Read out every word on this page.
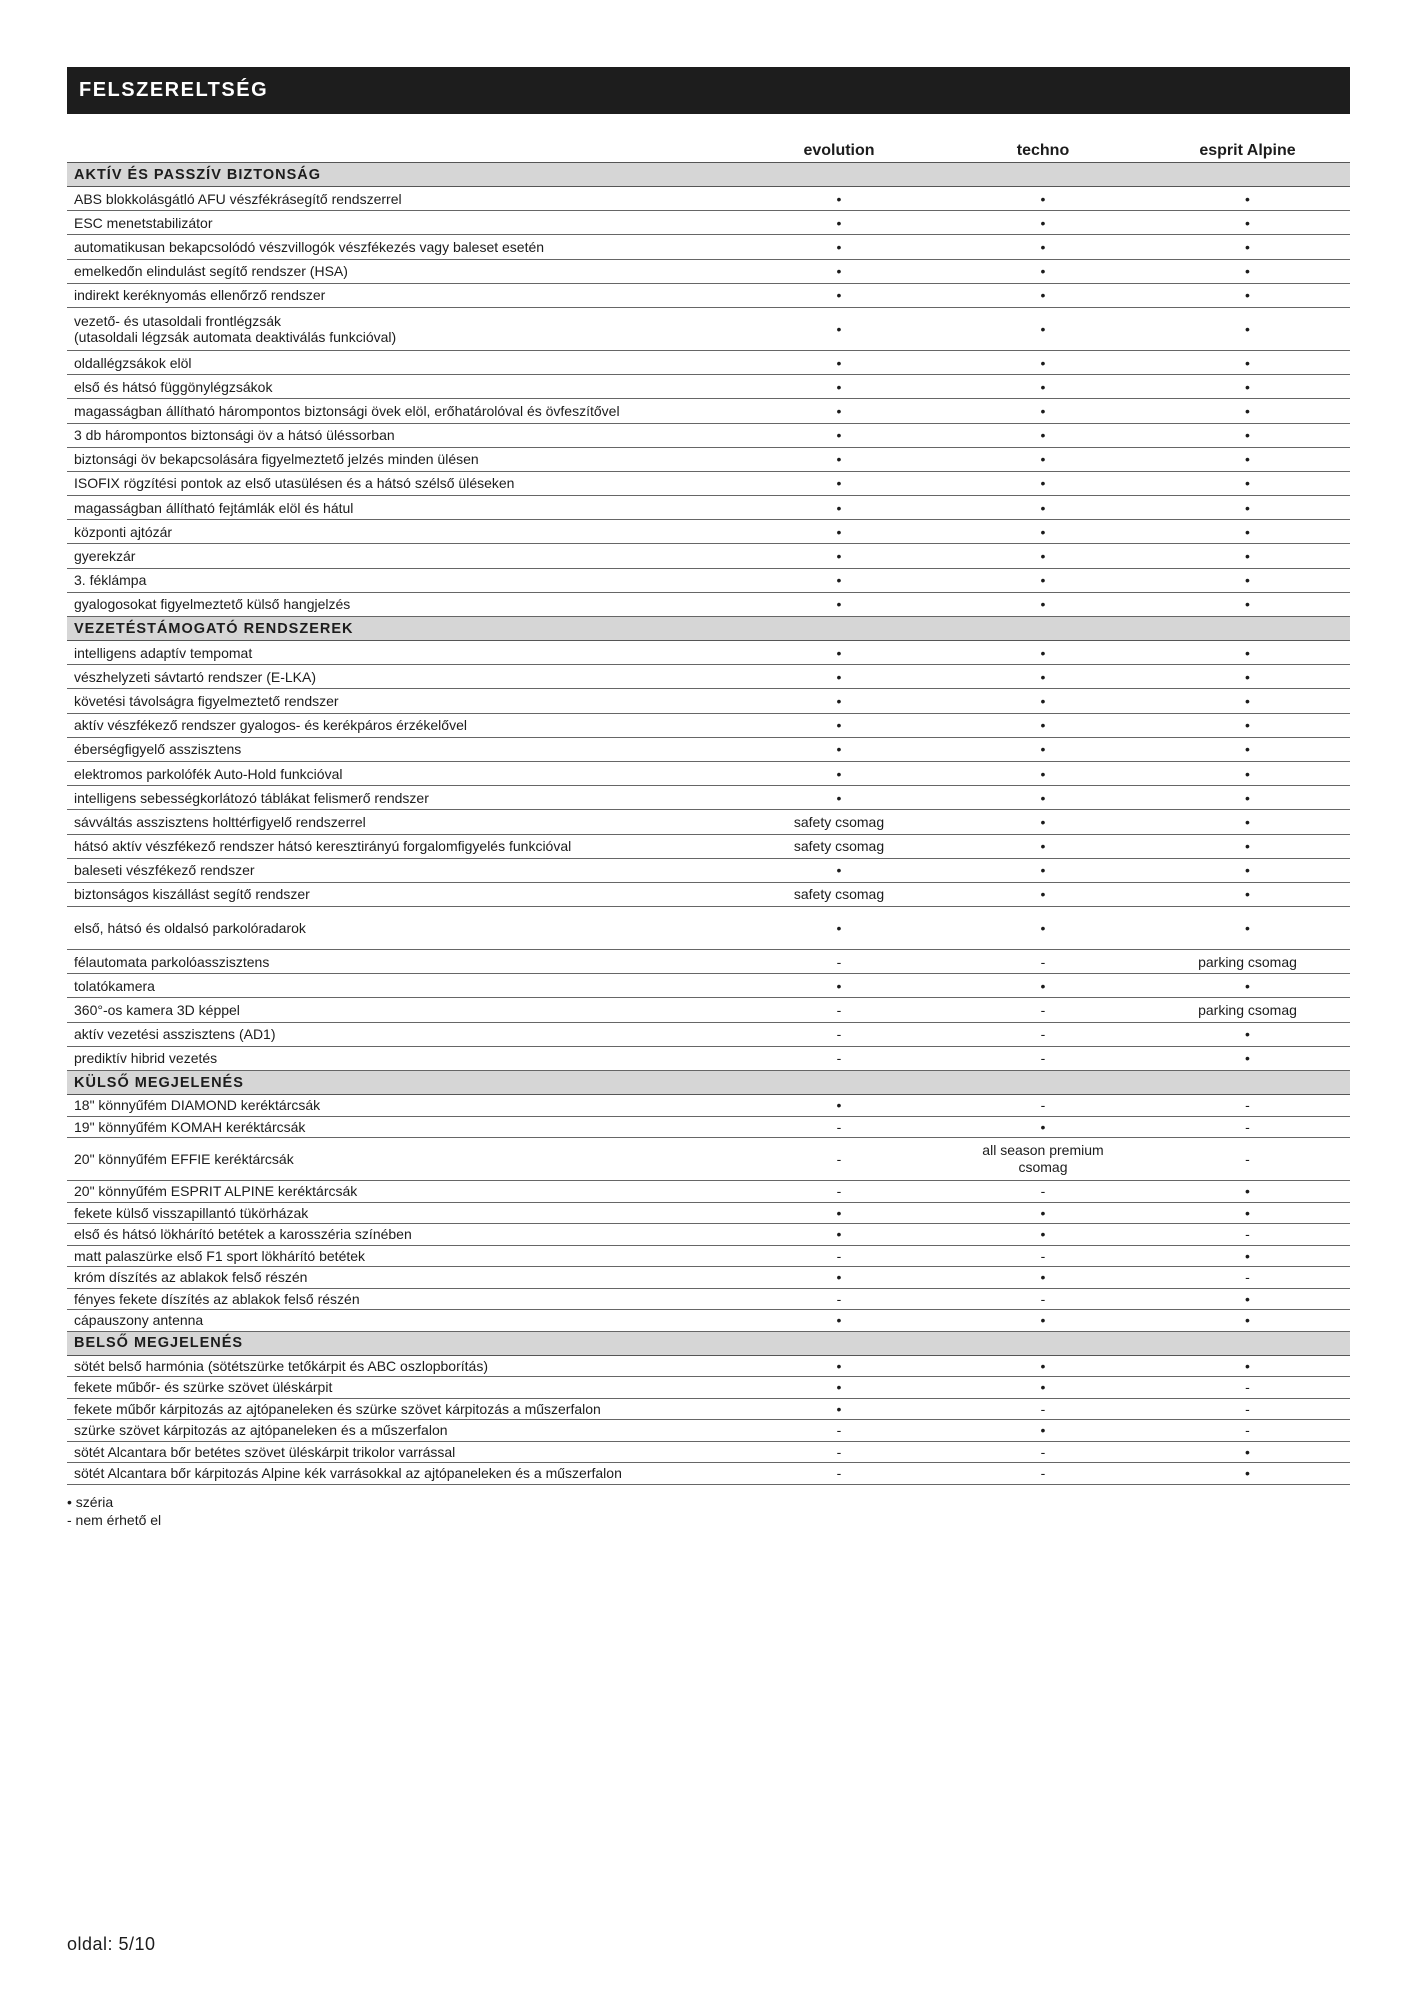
FELSZERELTSÉG
	evolution	techno	esprit Alpine
AKTÍV ÉS PASSZÍV BIZTONSÁG			
ABS blokkolásgátló AFU vészfékrásegítő rendszerrel	•	•	•
ESC menetstabilizátor	•	•	•
automatikusan bekapcsolódó vészvillogók vészfékezés vagy baleset esetén	•	•	•
emelkedőn elindulást segítő rendszer (HSA)	•	•	•
indirekt keréknyomás ellenőrző rendszer	•	•	•
vezető- és utasoldali frontlégzsák
(utasoldali légzsák automata deaktiválás funkcióval)	•	•	•
oldallégzsákok elöl	•	•	•
első és hátsó függönylégzsákok	•	•	•
magasságban állítható hárompontos biztonsági övek elöl, erőhatárolóval és övfeszítővel	•	•	•
3 db hárompontos biztonsági öv a hátsó üléssorban	•	•	•
biztonsági öv bekapcsolására figyelmeztető jelzés minden ülésen	•	•	•
ISOFIX rögzítési pontok az első utasülésen és a hátsó szélső üléseken	•	•	•
magasságban állítható fejtámlák elöl és hátul	•	•	•
központi ajtózár	•	•	•
gyerekzár	•	•	•
3. féklámpa	•	•	•
gyalogosokat figyelmeztető külső hangjelzés	•	•	•
VEZETÉSTÁMOGATÓ RENDSZEREK			
intelligens adaptív tempomat	•	•	•
vészhelyzeti sávtartó rendszer (E-LKA)	•	•	•
követési távolságra figyelmeztető rendszer	•	•	•
aktív vészfékező rendszer gyalogos- és kerékpáros érzékelővel	•	•	•
éberségfigyelő asszisztens	•	•	•
elektromos parkolófék Auto-Hold funkcióval	•	•	•
intelligens sebességkorlátozó táblákat felismerő rendszer	•	•	•
sávváltás asszisztens holttérfigyelő rendszerrel	safety csomag	•	•
hátsó aktív vészfékező rendszer hátsó keresztirányú forgalomfigyelés funkcióval	safety csomag	•	•
baleseti vészfékező rendszer	•	•	•
biztonságos kiszállást segítő rendszer	safety csomag	•	•
első, hátsó és oldalsó parkolóradarok	•	•	•
félautomata parkolóasszisztens	-	-	parking csomag
tolatókamera	•	•	•
360°-os kamera 3D képpel	-	-	parking csomag
aktív vezetési asszisztens (AD1)	-	-	•
prediktív hibrid vezetés	-	-	•
KÜLSŐ MEGJELENÉS			
18" könnyűfém DIAMOND keréktárcsák	•	-	-
19" könnyűfém KOMAH keréktárcsák	-	•	-
20" könnyűfém EFFIE keréktárcsák	-	all season premium csomag	-
20" könnyűfém ESPRIT ALPINE keréktárcsák	-	-	•
fekete külső visszapillantó tükörházak	•	•	•
első és hátsó lökhárító betétek a karosszéria színében	•	•	-
matt palaszürke első F1 sport lökhárító betétek	-	-	•
króm díszítés az ablakok felső részén	•	•	-
fényes fekete díszítés az ablakok felső részén	-	-	•
cápauszony antenna	•	•	•
BELSŐ MEGJELENÉS			
sötét belső harmónia (sötétszürke tetőkárpit és ABC oszlopborítás)	•	•	•
fekete műbőr- és szürke szövet üléskárpit	•	•	-
fekete műbőr kárpitozás az ajtópaneleken és szürke szövet kárpitozás a műszerfalon	•	-	-
szürke szövet kárpitozás az ajtópaneleken és a műszerfalon	-	•	-
sötét Alcantara bőr betétes szövet üléskárpit trikolor varrással	-	-	•
sötét Alcantara bőr kárpitozás Alpine kék varrásokkal az ajtópaneleken és a műszerfalon	-	-	•
• széria
- nem érhető el
oldal: 5/10
